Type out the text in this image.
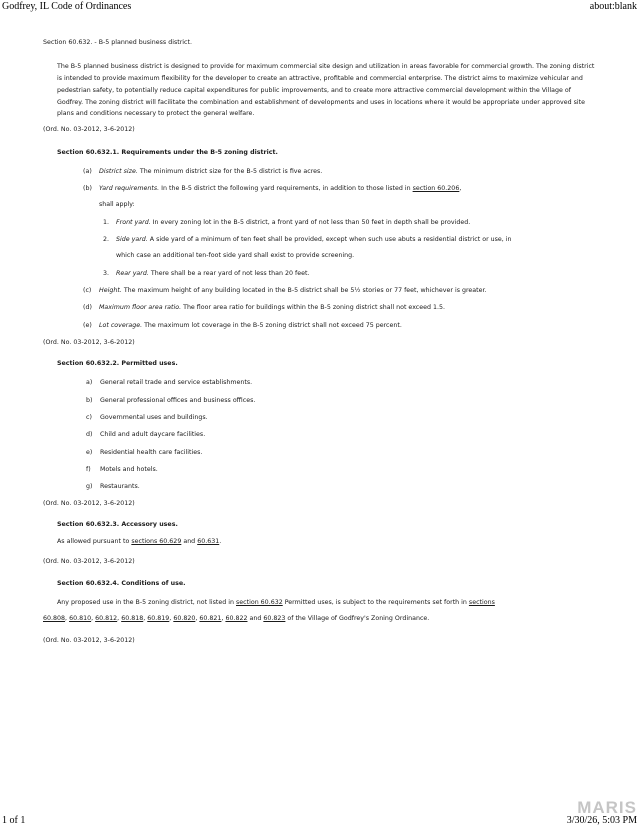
Godfrey, IL Code of Ordinances	about:blank
Section 60.632. - B-5 planned business district.
The B-5 planned business district is designed to provide for maximum commercial site design and utilization in areas favorable for commercial growth. The zoning district is intended to provide maximum flexibility for the developer to create an attractive, profitable and commercial enterprise. The district aims to maximize vehicular and pedestrian safety, to potentially reduce capital expenditures for public improvements, and to create more attractive commercial development within the Village of Godfrey. The zoning district will facilitate the combination and establishment of developments and uses in locations where it would be appropriate under approved site plans and conditions necessary to protect the general welfare.
(Ord. No. 03-2012, 3-6-2012)
Section 60.632.1. Requirements under the B-5 zoning district.
(a)	District size. The minimum district size for the B-5 district is five acres.
(b)	Yard requirements. In the B-5 district the following yard requirements, in addition to those listed in section 60.206,
shall apply:
1. Front yard. In every zoning lot in the B-5 district, a front yard of not less than 50 feet in depth shall be provided.
2. Side yard. A side yard of a minimum of ten feet shall be provided, except when such use abuts a residential district or use, in
which case an additional ten-foot side yard shall exist to provide screening.
3. Rear yard. There shall be a rear yard of not less than 20 feet.
(c)	Height. The maximum height of any building located in the B-5 district shall be 5½ stories or 77 feet, whichever is greater.
(d)	Maximum floor area ratio. The floor area ratio for buildings within the B-5 zoning district shall not exceed 1.5.
(e)	Lot coverage. The maximum lot coverage in the B-5 zoning district shall not exceed 75 percent.
(Ord. No. 03-2012, 3-6-2012)
Section 60.632.2. Permitted uses.
a) General retail trade and service establishments.
b) General professional offices and business offices.
c) Governmental uses and buildings.
d) Child and adult daycare facilities.
e) Residential health care facilities.
f) Motels and hotels.
g) Restaurants.
(Ord. No. 03-2012, 3-6-2012)
Section 60.632.3. Accessory uses.
As allowed pursuant to sections 60.629 and 60.631.
(Ord. No. 03-2012, 3-6-2012)
Section 60.632.4. Conditions of use.
Any proposed use in the B-5 zoning district, not listed in section 60.632 Permitted uses, is subject to the requirements set forth in sections
60.808, 60.810, 60.812, 60.818, 60.819, 60.820, 60.821, 60.822 and 60.823 of the Village of Godfrey's Zoning Ordinance.
(Ord. No. 03-2012, 3-6-2012)
MARIS
1 of 1	3/30/26, 5:03 PM
